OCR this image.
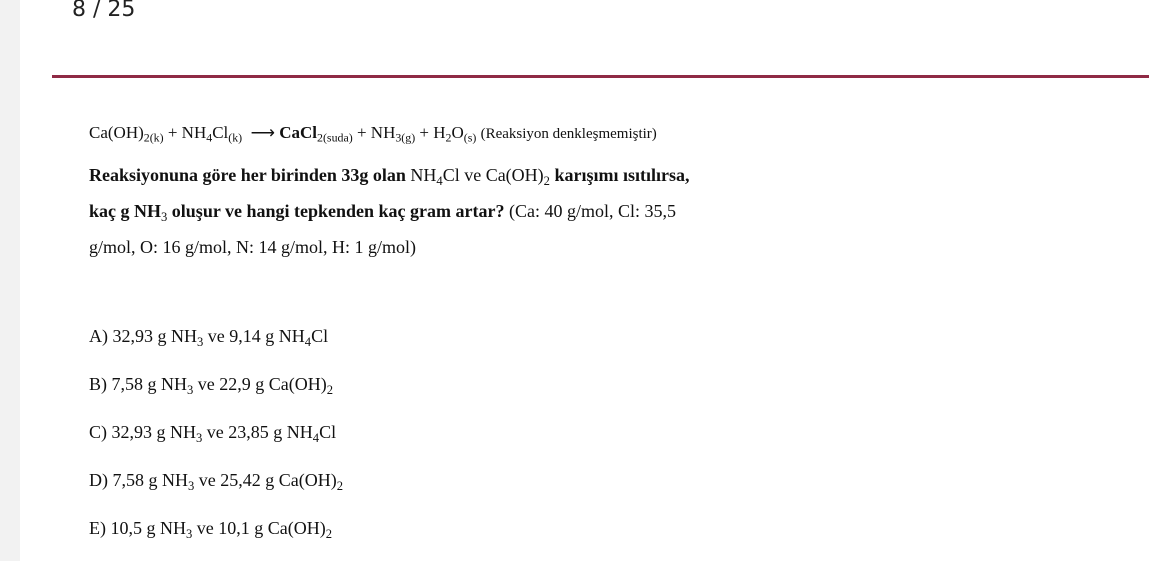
8 / 25
$Ca(OH)_{2(k)} + NH_4Cl_{(k)}$  ⟶ CaCl$_{2(suda)}$ + $NH_{3(g)} + H_2O_{(s)}$ (Reaksiyon denkleşmemiştir)
Reaksiyonuna göre her birinden 33g olan $NH_4Cl$ ve $Ca(OH)_2$ karışımı ısıtılırsa,
kaç g $NH_3$ oluşur ve hangi tepkenden kaç gram artar? (Ca: 40 g/mol, Cl: 35,5
g/mol, O: 16 g/mol, N: 14 g/mol, H: 1 g/mol)
A) 32,93 g $NH_3$ ve 9,14 g $NH_4Cl$
B) 7,58 g $NH_3$ ve 22,9 g $Ca(OH)_2$
C) 32,93 g $NH_3$ ve 23,85 g $NH_4Cl$
D) 7,58 g $NH_3$ ve 25,42 g $Ca(OH)_2$
E) 10,5 g $NH_3$ ve 10,1 g $Ca(OH)_2$
